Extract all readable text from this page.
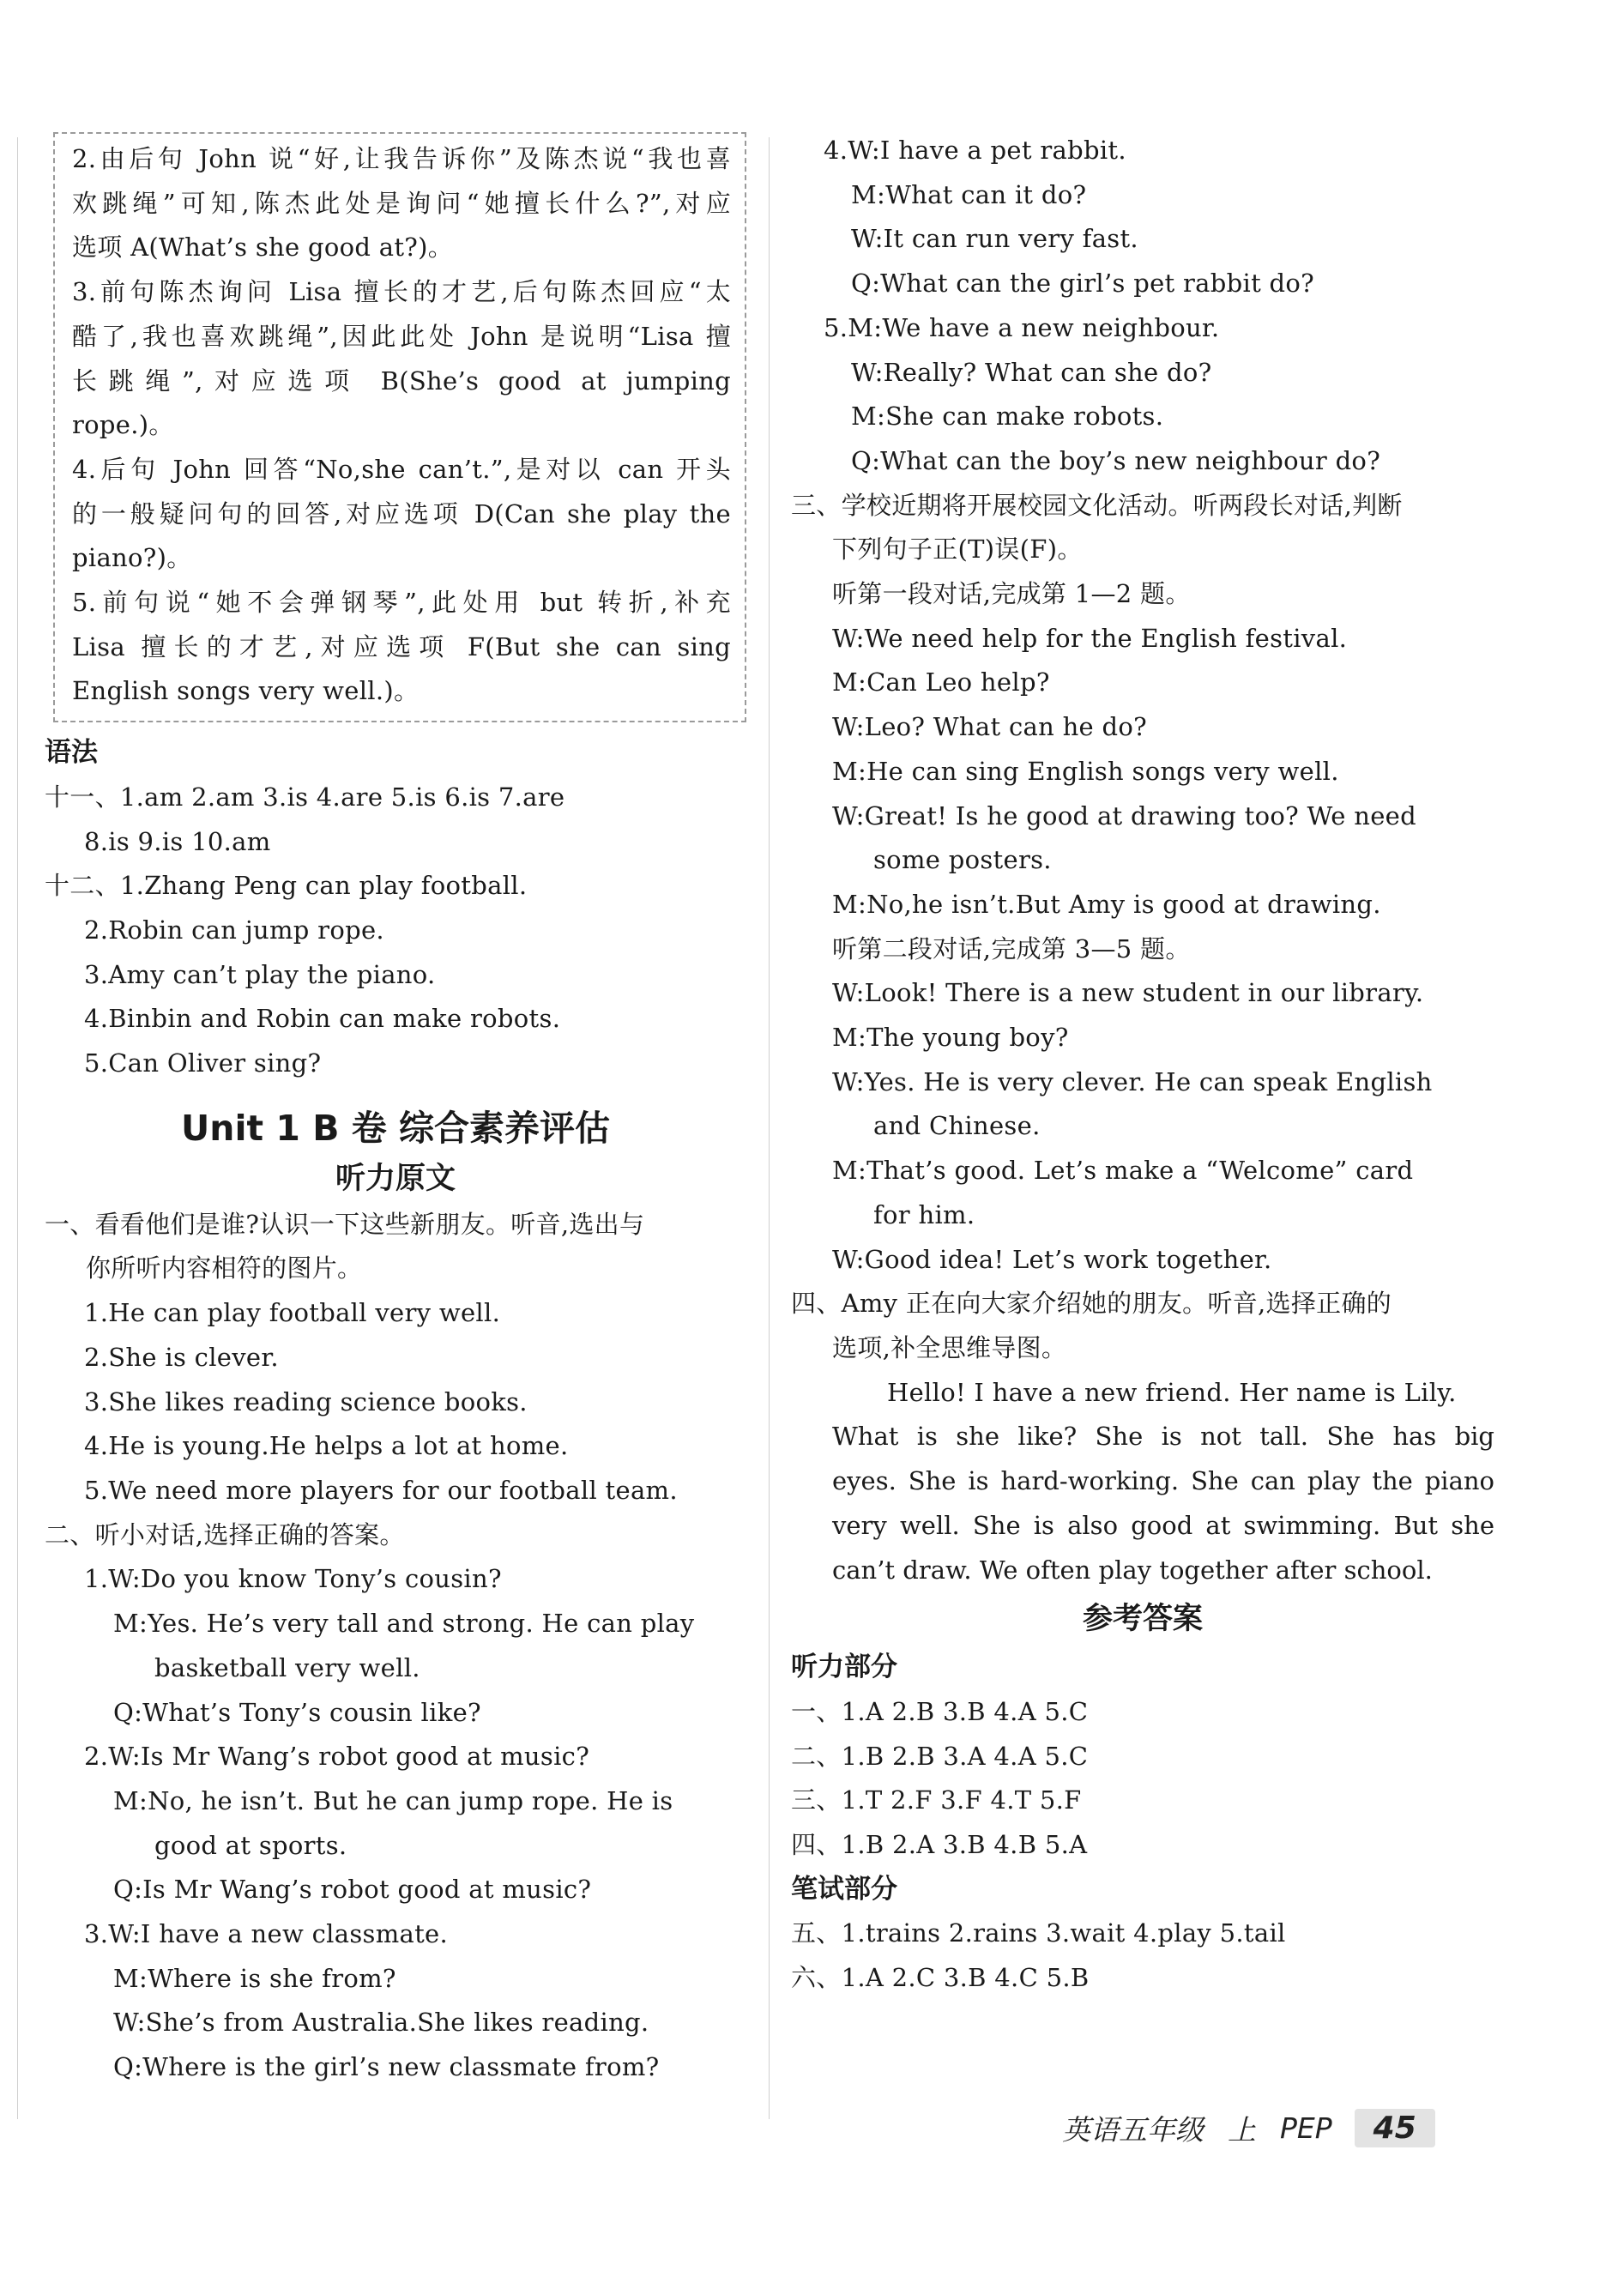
2.由后句 John 说“好,让我告诉你”及陈杰说“我也喜
欢跳绳”可知,陈杰此处是询问“她擅长什么?”,对应
选项 A(What’s she good at?)。
3.前句陈杰询问 Lisa 擅长的才艺,后句陈杰回应“太
酷了,我也喜欢跳绳”,因此此处 John 是说明“Lisa 擅
长跳绳”,对应选项 B(She’s good at jumping
rope.)。
4.后句 John 回答“No,she can’t.”,是对以 can 开头
的一般疑问句的回答,对应选项 D(Can she play the
piano?)。
5.前句说“她不会弹钢琴”,此处用 but 转折,补充
Lisa 擅长的才艺,对应选项 F(But she can sing
English songs very well.)。
语法
十一、1.am 2.am 3.is 4.are 5.is 6.is 7.are
8.is 9.is 10.am
十二、1.Zhang Peng can play football.
2.Robin can jump rope.
3.Amy can’t play the piano.
4.Binbin and Robin can make robots.
5.Can Oliver sing?
Unit 1 B 卷 综合素养评估
听力原文
一、看看他们是谁?认识一下这些新朋友。听音,选出与
你所听内容相符的图片。
1.He can play football very well.
2.She is clever.
3.She likes reading science books.
4.He is young.He helps a lot at home.
5.We need more players for our football team.
二、听小对话,选择正确的答案。
1.W:Do you know Tony’s cousin?
M:Yes. He’s very tall and strong. He can play
basketball very well.
Q:What’s Tony’s cousin like?
2.W:Is Mr Wang’s robot good at music?
M:No, he isn’t. But he can jump rope. He is
good at sports.
Q:Is Mr Wang’s robot good at music?
3.W:I have a new classmate.
M:Where is she from?
W:She’s from Australia.She likes reading.
Q:Where is the girl’s new classmate from?
4.W:I have a pet rabbit.
M:What can it do?
W:It can run very fast.
Q:What can the girl’s pet rabbit do?
5.M:We have a new neighbour.
W:Really? What can she do?
M:She can make robots.
Q:What can the boy’s new neighbour do?
三、学校近期将开展校园文化活动。听两段长对话,判断
下列句子正(T)误(F)。
听第一段对话,完成第 1—2 题。
W:We need help for the English festival.
M:Can Leo help?
W:Leo? What can he do?
M:He can sing English songs very well.
W:Great! Is he good at drawing too? We need
some posters.
M:No,he isn’t.But Amy is good at drawing.
听第二段对话,完成第 3—5 题。
W:Look! There is a new student in our library.
M:The young boy?
W:Yes. He is very clever. He can speak English
and Chinese.
M:That’s good. Let’s make a “Welcome” card
for him.
W:Good idea! Let’s work together.
四、Amy 正在向大家介绍她的朋友。听音,选择正确的
选项,补全思维导图。
Hello! I have a new friend. Her name is Lily.
What is she like? She is not tall. She has big
eyes. She is hard-working. She can play the piano
very well. She is also good at swimming. But she
can’t draw. We often play together after school.
参考答案
听力部分
一、1.A 2.B 3.B 4.A 5.C
二、1.B 2.B 3.A 4.A 5.C
三、1.T 2.F 3.F 4.T 5.F
四、1.B 2.A 3.B 4.B 5.A
笔试部分
五、1.trains 2.rains 3.wait 4.play 5.tail
六、1.A 2.C 3.B 4.C 5.B
英语五年级 上 PEP	45
